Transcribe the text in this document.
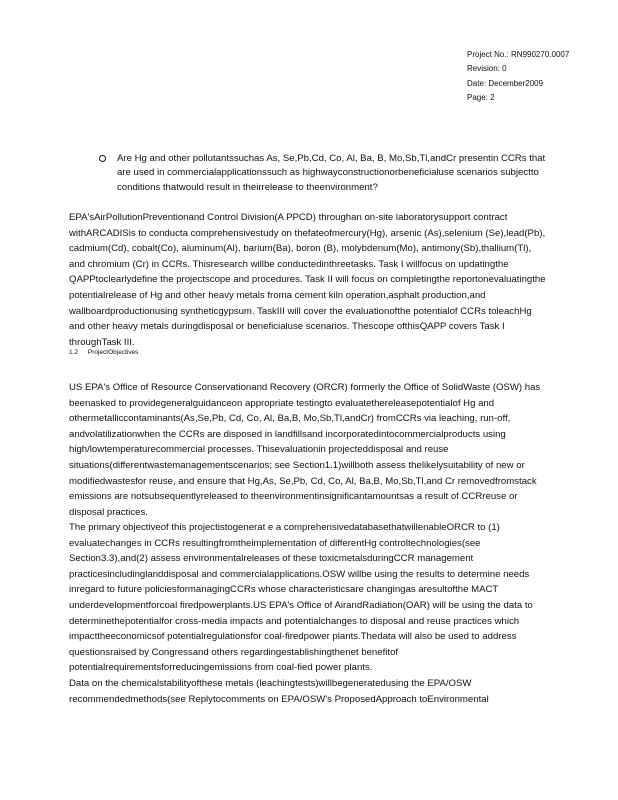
Project No.: RN990270.0007
Revision: 0
Date: December2009
Page: 2
Are Hg and other pollutantssuchas As, Se,Pb,Cd, Co, Al, Ba, B, Mo,Sb,Tl,andCr presentin CCRs that are used in commercialapplicationssuch as highwayconstructionorbeneficialuse scenarios subjectto conditions thatwould result in theirrelease to theenvironment?
EPA'sAirPollutionPreventionand Control Division(A PPCD) throughan on-site laboratorysupport contract withARCADISis to conducta comprehensivestudy on thefateofmercury(Hg), arsenic (As),selenium (Se),lead(Pb), cadmium(Cd), cobalt(Co), aluminum(Al), barium(Ba), boron (B), molybdenum(Mo), antimony(Sb),thallium(Tl), and chromium (Cr) in CCRs. Thisresearch willbe conductedinthreetasks. Task I willfocus on updatingthe QAPPtoclearlydefine the projectscope and procedures. Task II will focus on completingthe reportonevaluatingthe potentialrelease of Hg and other heavy metals froma cement kiln operation,asphalt production,and wallboardproductionusing syntheticgypsum. TaskIII will cover the evaluationofthe potentialof CCRs toleachHg and other heavy metals duringdisposal or beneficialuse scenarios. Thescope ofthisQAPP covers Task I throughTask III.
1.2 ProjectObjectives
US EPA's Office of Resource Conservationand Recovery (ORCR) formerly the Office of SolidWaste (OSW) has beenasked to providegeneralguidanceon appropriate testingto evaluatethereleasepotentialof Hg and othermetalliccontaminants(As,Se,Pb, Cd, Co, Al, Ba,B, Mo,Sb,Tl,andCr) fromCCRs via leaching, run-off, andvolatilizationwhen the CCRs are disposed in landfillsand incorporatedintocommercialproducts using high/lowtemperaturecommercial processes. Thisevaluationin projecteddisposal and reuse situations(differentwastemanagementscenarios; see Section1.1)willboth assess thelikelysuitability of new or modifiedwastesfor reuse, and ensure that Hg,As, Se,Pb, Cd, Co, Al, Ba,B, Mo,Sb,Tl,and Cr removedfromstack emissions are notsubsequentlyreleased to theenvironmentinsignificantamountsas a result of CCRreuse or disposal practices.
The primary objectiveof this projectistogenerat e a comprehensivedatabasethatwillenableORCR to (1) evaluatechanges in CCRs resultingfromtheimplementation of differentHg controltechnologies(see Section3.3),and(2) assess environmentalreleases of these toxicmetalsduringCCR management practicesincludinglanddisposal and commercialapplications.OSW willbe using the results to determine needs inregard to future policiesformanagingCCRs whose characteristicsare changingas aresultofthe MACT underdevelopmentforcoal firedpowerplants.US EPA's Office of AirandRadiation(OAR) will be using the data to determinethepotentialfor cross-media impacts and potentialchanges to disposal and reuse practices which impacttheeconomicsof potentialregulationsfor coal-firedpower plants.Thedata will also be used to address questionsraised by Congressand others regardingestablishingthenet benefitof potentialrequirementsforreducingemissions from coal-fied power plants.
Data on the chemicalstabilityofthese metals (leachingtests)willbegeneratedusing the EPA/OSW recommendedmethods(see Replytocomments on EPA/OSW's ProposedApproach toEnvironmental
